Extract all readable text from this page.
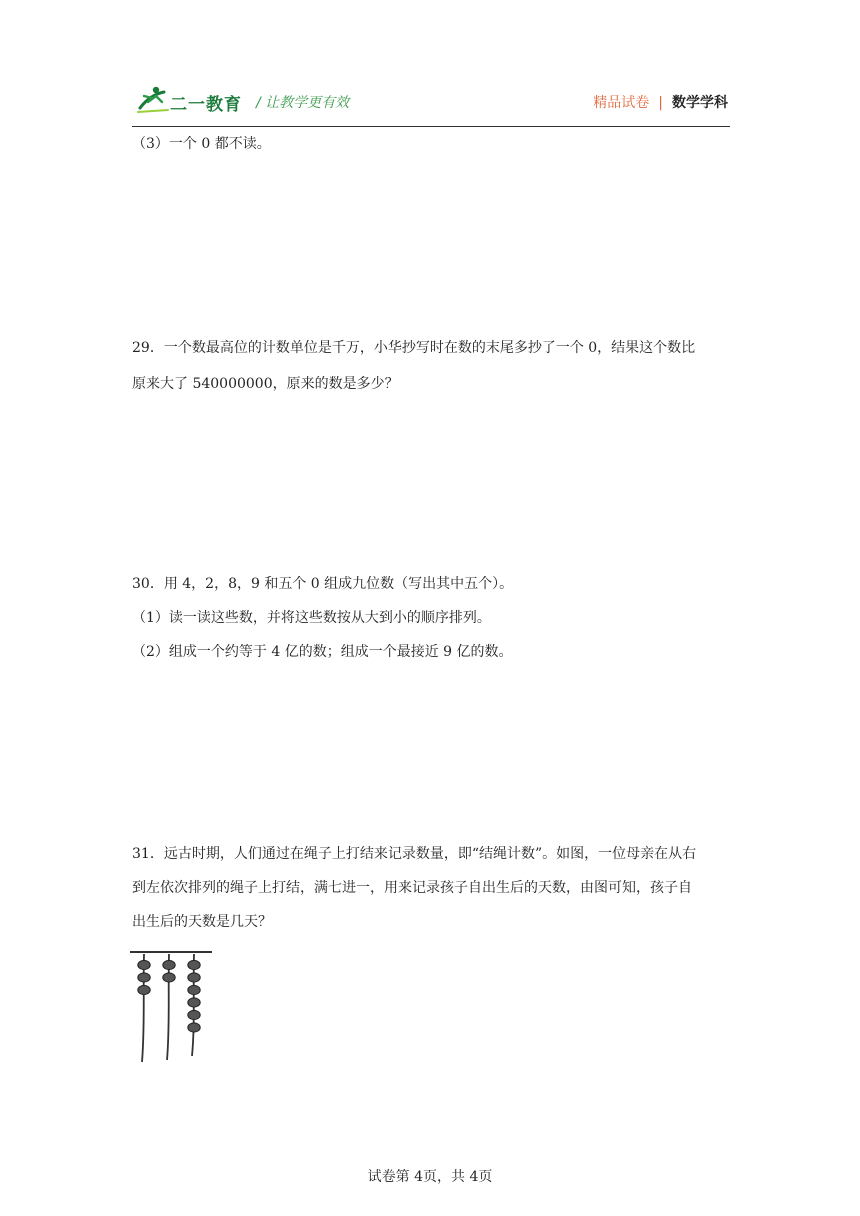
二一教育 / 让教学更有效	精品试卷 | 数学学科
（3）一个 0 都不读。
29．一个数最高位的计数单位是千万，小华抄写时在数的末尾多抄了一个 0，结果这个数比
原来大了 540000000，原来的数是多少？
30．用 4，2，8，9 和五个 0 组成九位数（写出其中五个）。
（1）读一读这些数，并将这些数按从大到小的顺序排列。
（2）组成一个约等于 4 亿的数；组成一个最接近 9 亿的数。
31．远古时期，人们通过在绳子上打结来记录数量，即“结绳计数”。如图，一位母亲在从右
到左依次排列的绳子上打结，满七进一，用来记录孩子自出生后的天数，由图可知，孩子自
出生后的天数是几天？
试卷第 4页，共 4页
